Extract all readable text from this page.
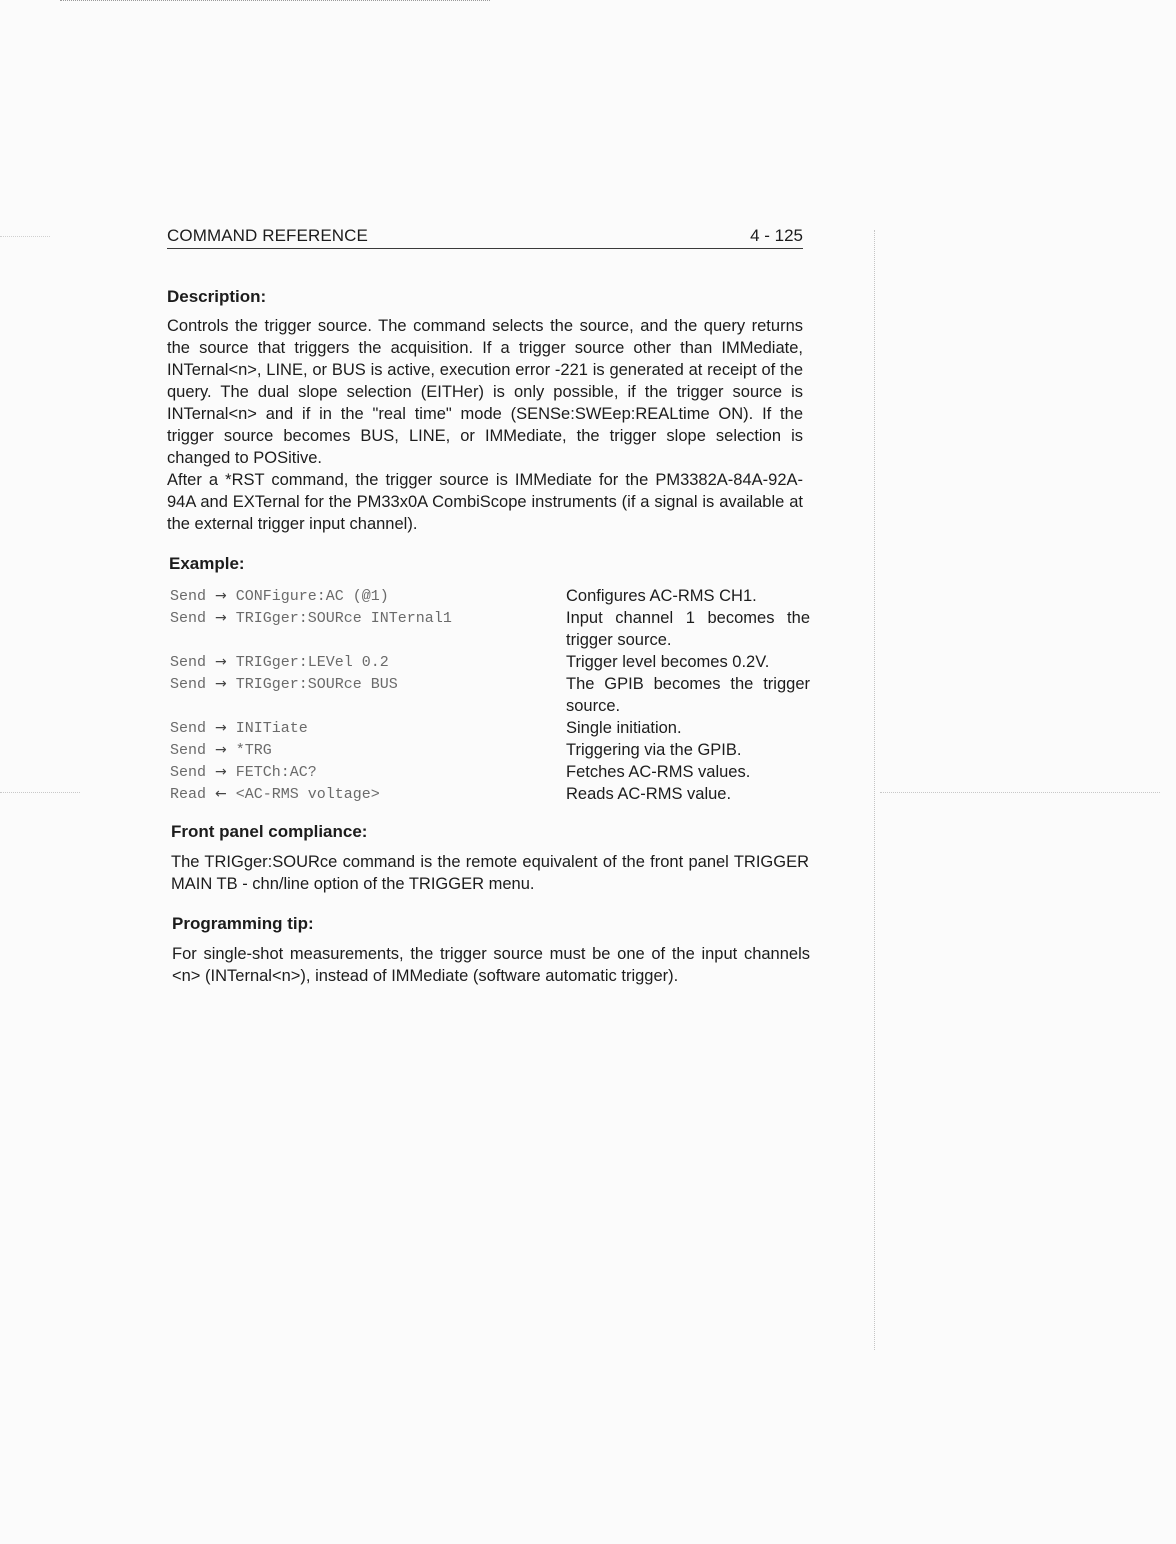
COMMAND REFERENCE	4 - 125
Description:

Controls the trigger source. The command selects the source, and the query returns the source that triggers the acquisition. If a trigger source other than IMMediate, INTernal<n>, LINE, or BUS is active, execution error -221 is generated at receipt of the query. The dual slope selection (EITHer) is only possible, if the trigger source is INTernal<n> and if in the "real time" mode (SENSe:SWEep:REALtime ON). If the trigger source becomes BUS, LINE, or IMMediate, the trigger slope selection is changed to POSitive.

After a *RST command, the trigger source is IMMediate for the PM3382A-84A-92A-94A and EXTernal for the PM33x0A CombiScope instruments (if a signal is available at the external trigger input channel).

Example:
Send → CONFigure:AC (@1)	Configures AC-RMS CH1.
Send → TRIGger:SOURce INTernal1	Input channel 1 becomes the trigger source.
Send → TRIGger:LEVel 0.2	Trigger level becomes 0.2V.
Send → TRIGger:SOURce BUS	The GPIB becomes the trigger source.
Send → INITiate	Single initiation.
Send → *TRG	Triggering via the GPIB.
Send → FETCh:AC?	Fetches AC-RMS values.
Read ← <AC-RMS voltage>	Reads AC-RMS value.
Front panel compliance:

The TRIGger:SOURce command is the remote equivalent of the front panel TRIGGER MAIN TB - chn/line option of the TRIGGER menu.

Programming tip:

For single-shot measurements, the trigger source must be one of the input channels <n> (INTernal<n>), instead of IMMediate (software automatic trigger).
